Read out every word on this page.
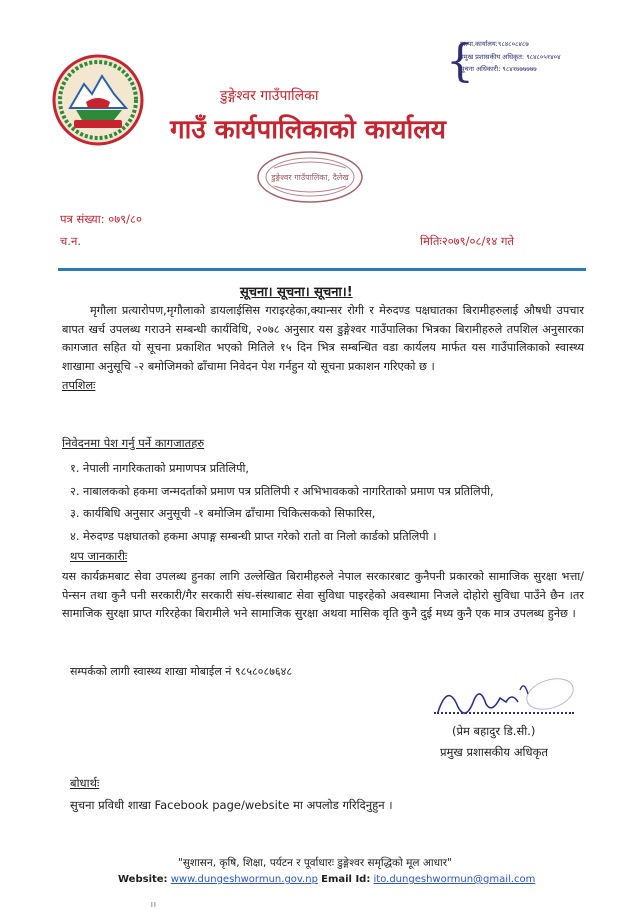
{
गा.पा.कार्यालय:९८४८०८४८७
प्रमुख प्रशासकीय अधिकृत: ९८४८०५१४०४
सूचना अधिकारी: ९८४१७७७७७७
डुङ्गेश्वर गाउँपालिका
गाउँ कार्यपालिकाको कार्यालय
डुङ्गेश्वर गाउँपालिका, दैलेख
पत्र संख्या: ०७९/८०
च.न.	मितिः२०७९/०८/१४ गते
सूचना। सूचना। सूचना।!
मृगौला प्रत्यारोपण,मृगौलाको डायलाईसिस गराइरहेका,क्यान्सर रोगी र मेरुदण्ड पक्षघातका बिरामीहरुलाई औषधी उपचार बापत खर्च उपलब्ध गराउने सम्बन्धी कार्यविधि, २०७८ अनुसार यस डुङ्गेश्वर गाउँपालिका भित्रका बिरामीहरुले तपशिल अनुसारका कागजात सहित यो सूचना प्रकाशित भएको मितिले १५ दिन भित्र सम्बन्धित वडा कार्यलय मार्फत यस गाउँपालिकाको स्वास्थ्य शाखामा अनुसूचि -२ बमोजिमको ढाँचामा निवेदन पेश गर्नहुन यो सूचना प्रकाशन गरिएको छ ।
तपशिलः
निवेदनमा पेश गर्नु पर्ने कागजातहरु
१. नेपाली नागरिकताको प्रमाणपत्र प्रतिलिपी,
२. नाबालकको हकमा जन्मदर्ताको प्रमाण पत्र प्रतिलिपी र अभिभावकको नागरिताको प्रमाण पत्र प्रतिलिपी,
३. कार्यबिधि अनुसार अनुसूची -१ बमोजिम ढाँचामा चिकित्सकको सिफारिस,
४. मेरुदण्ड पक्षघातको हकमा अपाङ्ग सम्बन्धी प्राप्त गरेको रातो वा निलो कार्डको प्रतिलिपी ।
थप जानकारीः
यस कार्यक्रमबाट सेवा उपलब्ध हुनका लागि उल्लेखित बिरामीहरुले नेपाल सरकारबाट कुनैपनी प्रकारको सामाजिक सुरक्षा भत्ता/ पेन्सन तथा कुनै पनी सरकारी/गैर सरकारी संघ-संस्थाबाट सेवा सुविधा पाइरहेको अवस्थामा निजले दोहोरो सुविधा पाउँने छैन ।तर सामाजिक सुरक्षा प्राप्त गरिरहेका बिरामीले भने सामाजिक सुरक्षा अथवा मासिक वृति कुनै दुई मध्य कुनै एक मात्र उपलब्ध हुनेछ ।
सम्पर्कको लागी स्वास्थ्य शाखा मोबाईल नं ९८५८०८७६४८
(प्रेम बहादुर डि.सी.)
प्रमुख प्रशासकीय अधिकृत
बोधार्थः
सुचना प्रविधी शाखा Facebook page/website मा अपलोड गरिदिनुहुन ।
"सुशासन, कृषि, शिक्षा, पर्यटन र पूर्वाधारः डुङ्गेश्वर समृद्धिको मूल आधार"
Website: www.dungeshwormun.gov.np Email Id: ito.dungeshwormun@gmail.com
।।
